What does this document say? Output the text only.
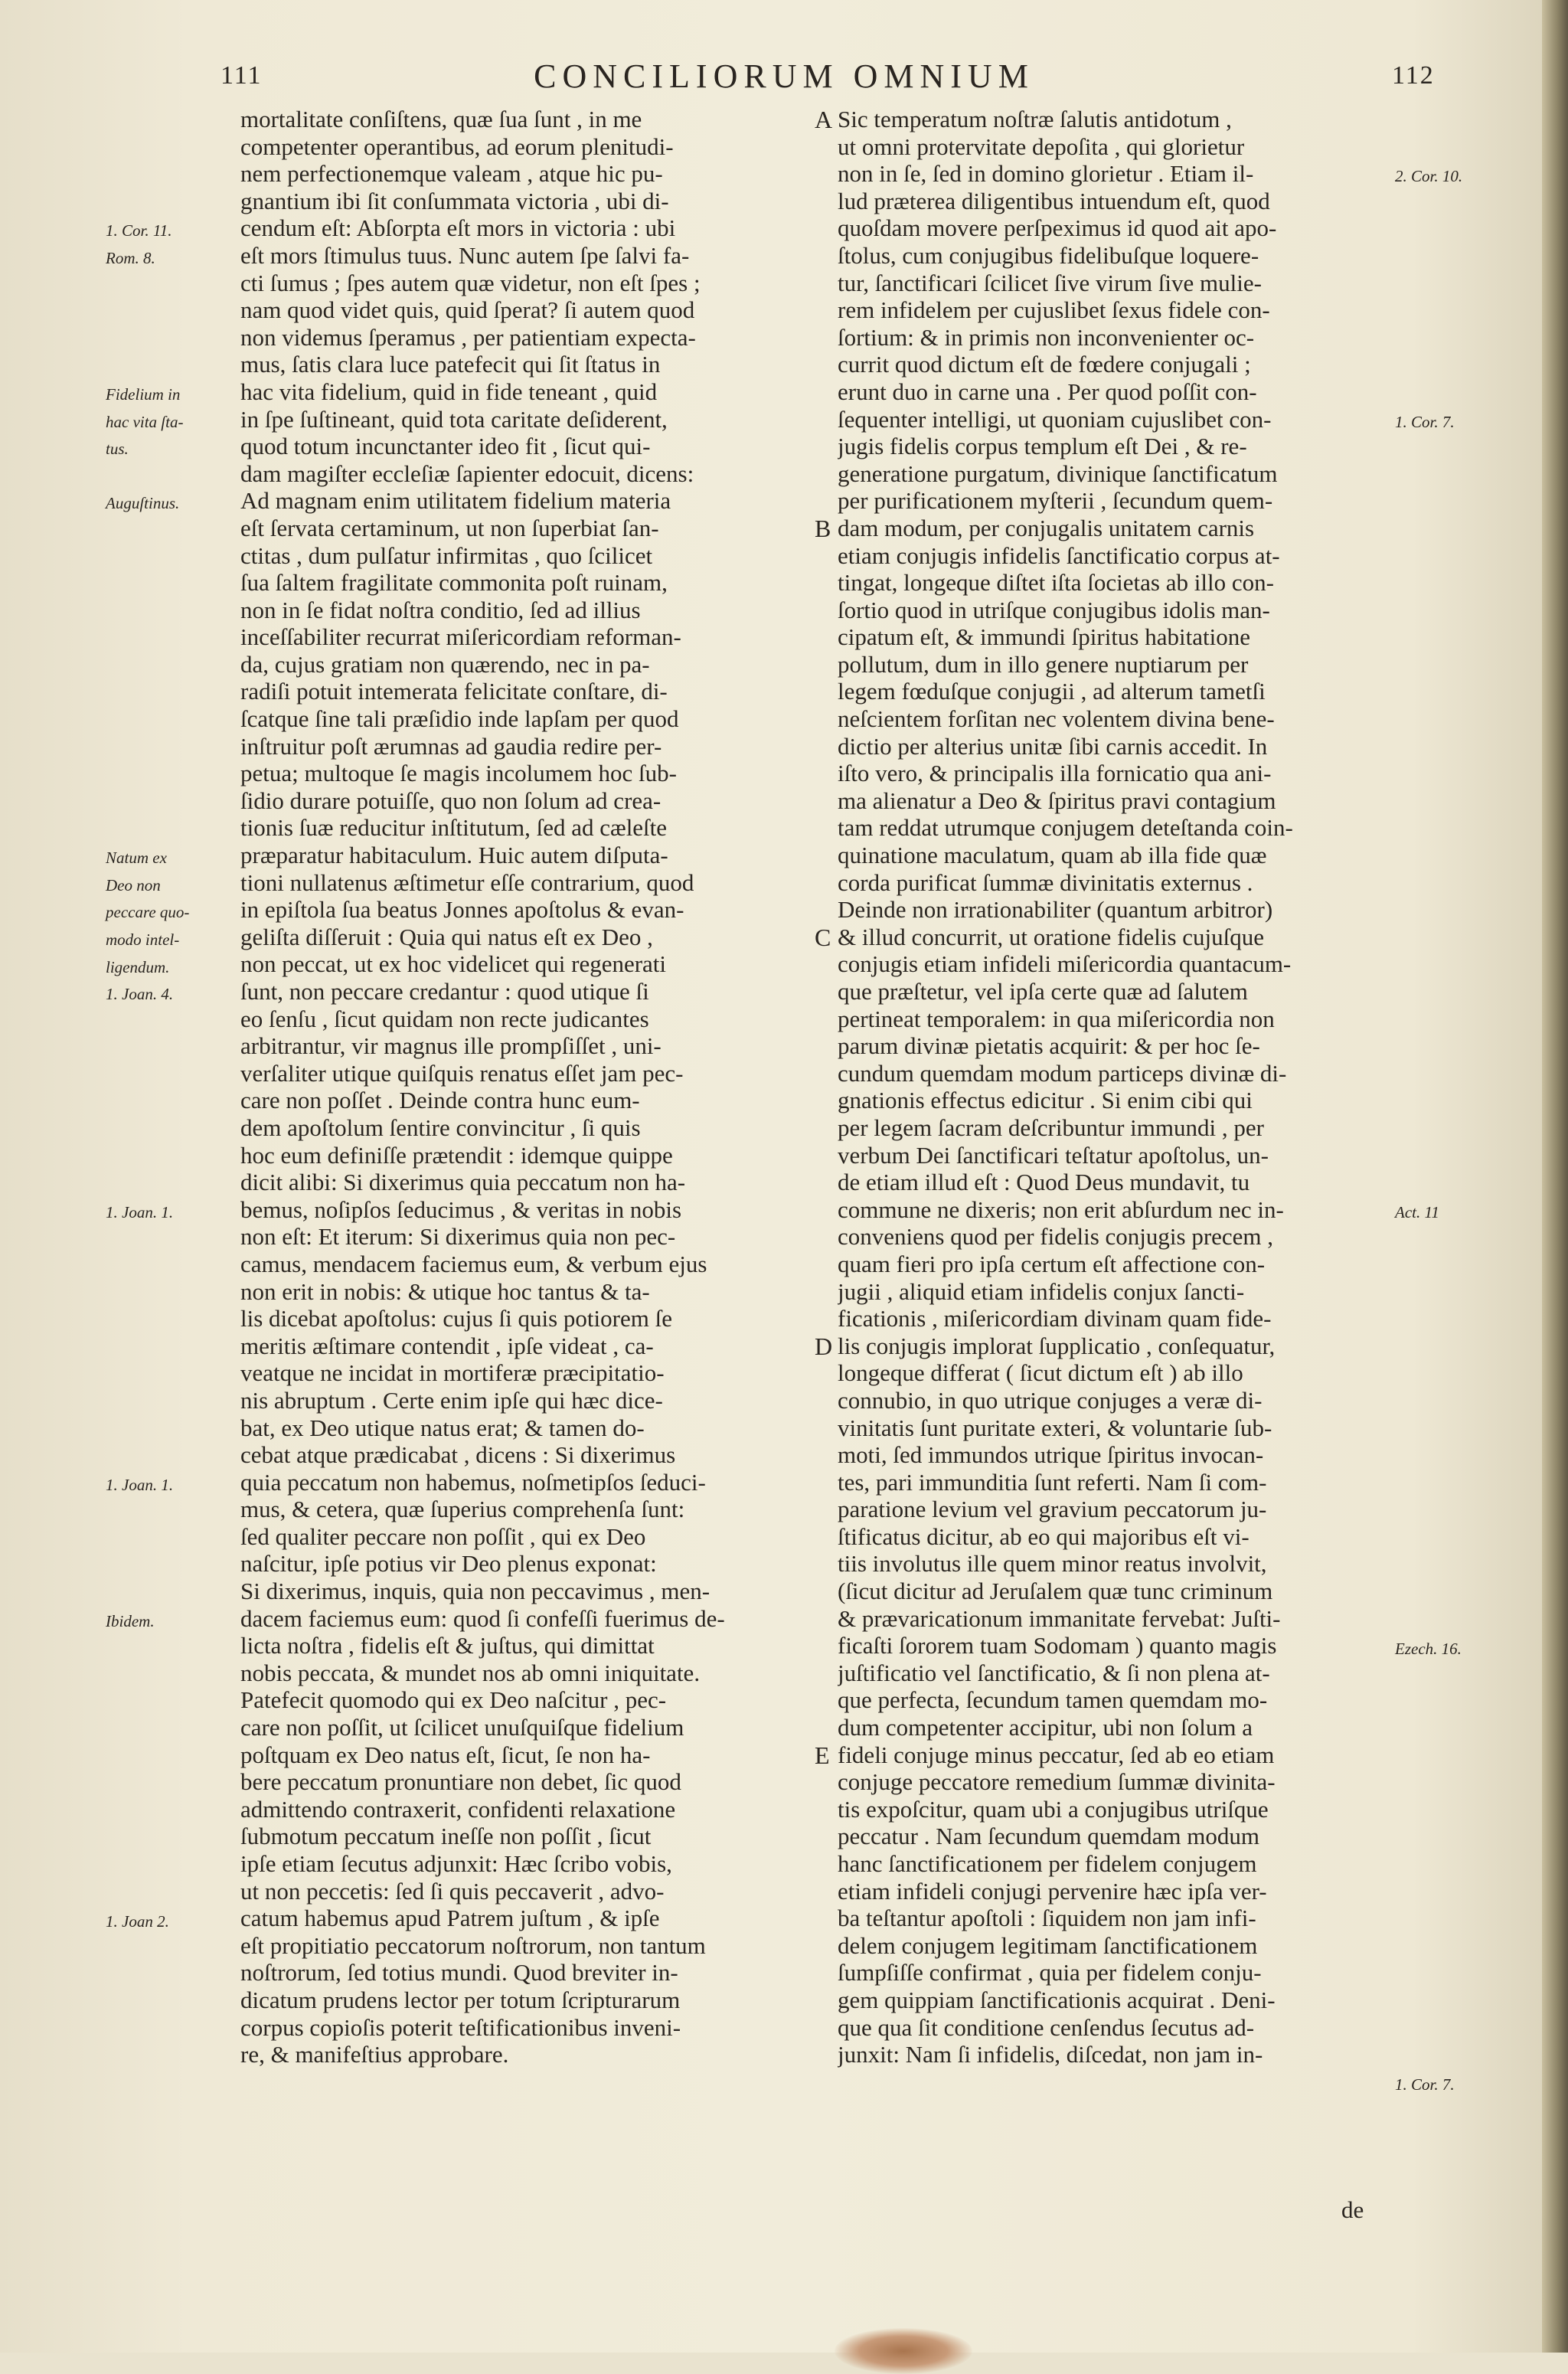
111	CONCILIORUM OMNIUM	112
mortalitate conſiſtens, quæ ſua ſunt , in me
competenter operantibus, ad eorum plenitudi-
nem perfectionemque valeam , atque hic pu-
gnantium ibi ſit conſummata victoria , ubi di-
cendum eſt: Abſorpta eſt mors in victoria : ubi
eſt mors ſtimulus tuus. Nunc autem ſpe ſalvi fa-
cti ſumus ; ſpes autem quæ videtur, non eſt ſpes ;
nam quod videt quis, quid ſperat? ſi autem quod
non videmus ſperamus , per patientiam expecta-
mus, ſatis clara luce patefecit qui ſit ſtatus in
hac vita fidelium, quid in fide teneant , quid
in ſpe ſuſtineant, quid tota caritate deſiderent,
quod totum incunctanter ideo fit , ſicut qui-
dam magiſter eccleſiæ ſapienter edocuit, dicens:
Ad magnam enim utilitatem fidelium materia
eſt ſervata certaminum, ut non ſuperbiat ſan-
ctitas , dum pulſatur infirmitas , quo ſcilicet
ſua ſaltem fragilitate commonita poſt ruinam,
non in ſe fidat noſtra conditio, ſed ad illius
inceſſabiliter recurrat miſericordiam reforman-
da, cujus gratiam non quærendo, nec in pa-
radiſi potuit intemerata felicitate conſtare, di-
ſcatque ſine tali præſidio inde lapſam per quod
inſtruitur poſt ærumnas ad gaudia redire per-
petua; multoque ſe magis incolumem hoc ſub-
ſidio durare potuiſſe, quo non ſolum ad crea-
tionis ſuæ reducitur inſtitutum, ſed ad cæleſte
præparatur habitaculum. Huic autem diſputa-
tioni nullatenus æſtimetur eſſe contrarium, quod
in epiſtola ſua beatus Jonnes apoſtolus & evan-
geliſta diſſeruit : Quia qui natus eſt ex Deo ,
non peccat, ut ex hoc videlicet qui regenerati
ſunt, non peccare credantur : quod utique ſi
eo ſenſu , ſicut quidam non recte judicantes
arbitrantur, vir magnus ille prompſiſſet , uni-
verſaliter utique quiſquis renatus eſſet jam pec-
care non poſſet . Deinde contra hunc eum-
dem apoſtolum ſentire convincitur , ſi quis
hoc eum definiſſe prætendit : idemque quippe
dicit alibi: Si dixerimus quia peccatum non ha-
bemus, noſipſos ſeducimus , & veritas in nobis
non eſt: Et iterum: Si dixerimus quia non pec-
camus, mendacem faciemus eum, & verbum ejus
non erit in nobis: & utique hoc tantus & ta-
lis dicebat apoſtolus: cujus ſi quis potiorem ſe
meritis æſtimare contendit , ipſe videat , ca-
veatque ne incidat in mortiferæ præcipitatio-
nis abruptum . Certe enim ipſe qui hæc dice-
bat, ex Deo utique natus erat; & tamen do-
cebat atque prædicabat , dicens : Si dixerimus
quia peccatum non habemus, noſmetipſos ſeduci-
mus, & cetera, quæ ſuperius comprehenſa ſunt:
ſed qualiter peccare non poſſit , qui ex Deo
naſcitur, ipſe potius vir Deo plenus exponat:
Si dixerimus, inquis, quia non peccavimus , men-
dacem faciemus eum: quod ſi confeſſi fuerimus de-
licta noſtra , fidelis eſt & juſtus, qui dimittat
nobis peccata, & mundet nos ab omni iniquitate.
Patefecit quomodo qui ex Deo naſcitur , pec-
care non poſſit, ut ſcilicet unuſquiſque fidelium
poſtquam ex Deo natus eſt, ſicut, ſe non ha-
bere peccatum pronuntiare non debet, ſic quod
admittendo contraxerit, confidenti relaxatione
ſubmotum peccatum ineſſe non poſſit , ſicut
ipſe etiam ſecutus adjunxit: Hæc ſcribo vobis,
ut non peccetis: ſed ſi quis peccaverit , advo-
catum habemus apud Patrem juſtum , & ipſe
eſt propitiatio peccatorum noſtrorum, non tantum
noſtrorum, ſed totius mundi. Quod breviter in-
dicatum prudens lector per totum ſcripturarum
corpus copioſis poterit teſtificationibus inveni-
re, & manifeſtius approbare.
Sic temperatum noſtræ ſalutis antidotum ,
ut omni protervitate depoſita , qui glorietur
non in ſe, ſed in domino glorietur . Etiam il-
lud præterea diligentibus intuendum eſt, quod
quoſdam movere perſpeximus id quod ait apo-
ſtolus, cum conjugibus fidelibuſque loquere-
tur, ſanctificari ſcilicet ſive virum ſive mulie-
rem infidelem per cujuslibet ſexus fidele con-
ſortium: & in primis non inconvenienter oc-
currit quod dictum eſt de fœdere conjugali ;
erunt duo in carne una . Per quod poſſit con-
ſequenter intelligi, ut quoniam cujuslibet con-
jugis fidelis corpus templum eſt Dei , & re-
generatione purgatum, divinique ſanctificatum
per purificationem myſterii , ſecundum quem-
dam modum, per conjugalis unitatem carnis
etiam conjugis infidelis ſanctificatio corpus at-
tingat, longeque diſtet iſta ſocietas ab illo con-
ſortio quod in utriſque conjugibus idolis man-
cipatum eſt, & immundi ſpiritus habitatione
pollutum, dum in illo genere nuptiarum per
legem fœduſque conjugii , ad alterum tametſi
neſcientem forſitan nec volentem divina bene-
dictio per alterius unitæ ſibi carnis accedit. In
iſto vero, & principalis illa fornicatio qua ani-
ma alienatur a Deo & ſpiritus pravi contagium
tam reddat utrumque conjugem deteſtanda coin-
quinatione maculatum, quam ab illa fide quæ
corda purificat ſummæ divinitatis externus .
Deinde non irrationabiliter (quantum arbitror)
& illud concurrit, ut oratione fidelis cujuſque
conjugis etiam infideli miſericordia quantacum-
que præſtetur, vel ipſa certe quæ ad ſalutem
pertineat temporalem: in qua miſericordia non
parum divinæ pietatis acquirit: & per hoc ſe-
cundum quemdam modum particeps divinæ di-
gnationis effectus edicitur . Si enim cibi qui
per legem ſacram deſcribuntur immundi , per
verbum Dei ſanctificari teſtatur apoſtolus, un-
de etiam illud eſt : Quod Deus mundavit, tu
commune ne dixeris; non erit abſurdum nec in-
conveniens quod per fidelis conjugis precem ,
quam fieri pro ipſa certum eſt affectione con-
jugii , aliquid etiam infidelis conjux ſancti-
ficationis , miſericordiam divinam quam fide-
lis conjugis implorat ſupplicatio , conſequatur,
longeque differat ( ſicut dictum eſt ) ab illo
connubio, in quo utrique conjuges a veræ di-
vinitatis ſunt puritate exteri, & voluntarie ſub-
moti, ſed immundos utrique ſpiritus invocan-
tes, pari immunditia ſunt referti. Nam ſi com-
paratione levium vel gravium peccatorum ju-
ſtificatus dicitur, ab eo qui majoribus eſt vi-
tiis involutus ille quem minor reatus involvit,
(ſicut dicitur ad Jeruſalem quæ tunc criminum
& prævaricationum immanitate fervebat: Juſti-
ficaſti ſororem tuam Sodomam ) quanto magis
juſtificatio vel ſanctificatio, & ſi non plena at-
que perfecta, ſecundum tamen quemdam mo-
dum competenter accipitur, ubi non ſolum a
fideli conjuge minus peccatur, ſed ab eo etiam
conjuge peccatore remedium ſummæ divinita-
tis expoſcitur, quam ubi a conjugibus utriſque
peccatur . Nam ſecundum quemdam modum
hanc ſanctificationem per fidelem conjugem
etiam infideli conjugi pervenire hæc ipſa ver-
ba teſtantur apoſtoli : ſiquidem non jam infi-
delem conjugem legitimam ſanctificationem
ſumpſiſſe confirmat , quia per fidelem conju-
gem quippiam ſanctificationis acquirat . Deni-
que qua ſit conditione cenſendus ſecutus ad-
junxit: Nam ſi infidelis, diſcedat, non jam in-
1. Cor. 11.
Rom. 8.
Fidelium in
hac vita ſta-
tus.
Auguſtinus.
Natum ex
Deo non
peccare quo-
modo intel-
ligendum.
1. Joan. 4.
1. Joan. 1.
1. Joan. 1.
Ibidem.
1. Joan 2.
2. Cor. 10.
1. Cor. 7.
Act. 11
Ezech. 16.
1. Cor. 7.
A
B
C
D
E
de
